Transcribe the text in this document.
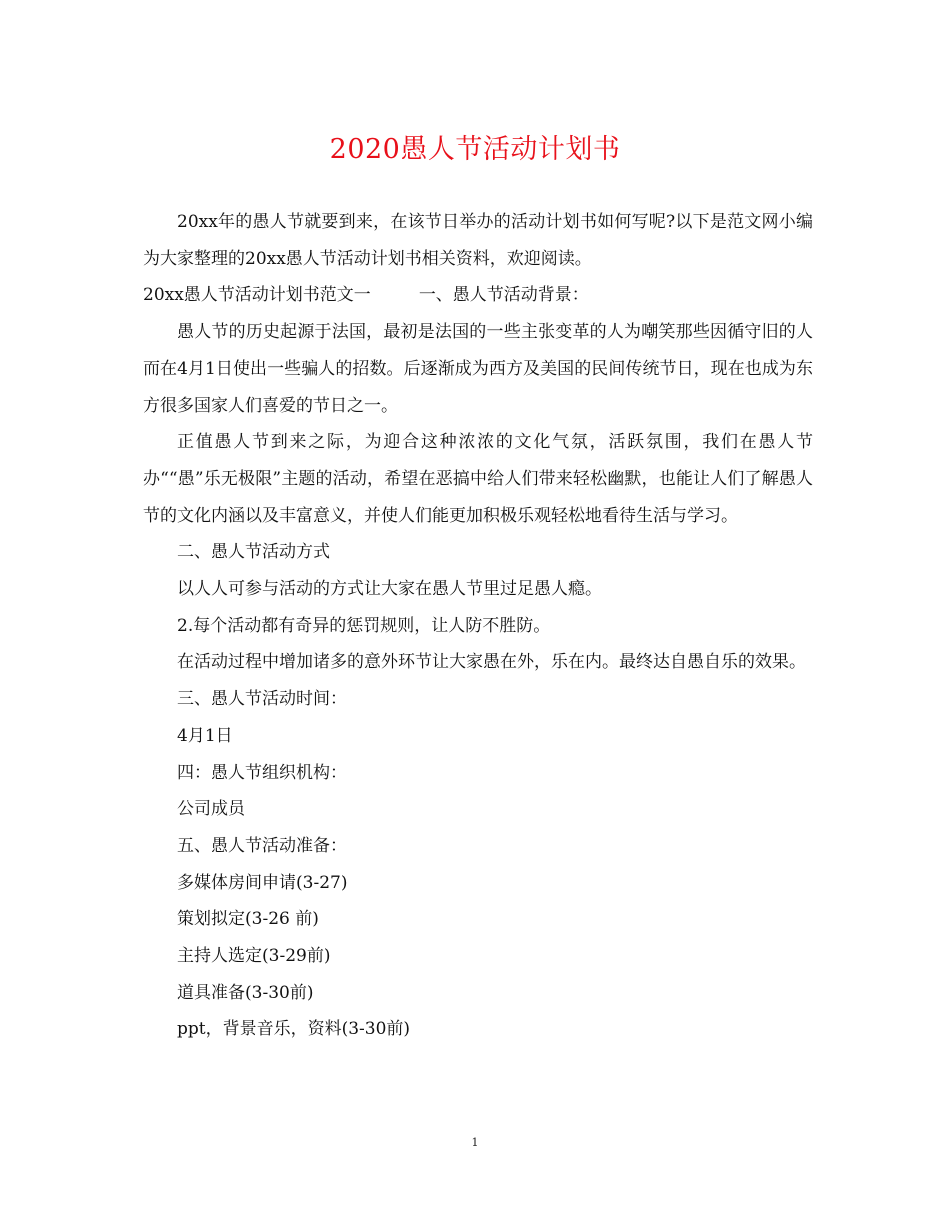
2020愚人节活动计划书

20xx年的愚人节就要到来，在该节日举办的活动计划书如何写呢?以下是范文网小编为大家整理的20xx愚人节活动计划书相关资料，欢迎阅读。

20xx愚人节活动计划书范文一	一、愚人节活动背景：

愚人节的历史起源于法国，最初是法国的一些主张变革的人为嘲笑那些因循守旧的人而在4月1日使出一些骗人的招数。后逐渐成为西方及美国的民间传统节日，现在也成为东方很多国家人们喜爱的节日之一。

正值愚人节到来之际，为迎合这种浓浓的文化气氛，活跃氛围，我们在愚人节办““愚”乐无极限”主题的活动，希望在恶搞中给人们带来轻松幽默，也能让人们了解愚人节的文化内涵以及丰富意义，并使人们能更加积极乐观轻松地看待生活与学习。

二、愚人节活动方式

以人人可参与活动的方式让大家在愚人节里过足愚人瘾。

2.每个活动都有奇异的惩罚规则，让人防不胜防。

在活动过程中增加诸多的意外环节让大家愚在外，乐在内。最终达自愚自乐的效果。

三、愚人节活动时间：

4月1日

四：愚人节组织机构：

公司成员

五、愚人节活动准备：

多媒体房间申请(3-27)

策划拟定(3-26 前)

主持人选定(3-29前)

道具准备(3-30前)

ppt，背景音乐，资料(3-30前)

1
